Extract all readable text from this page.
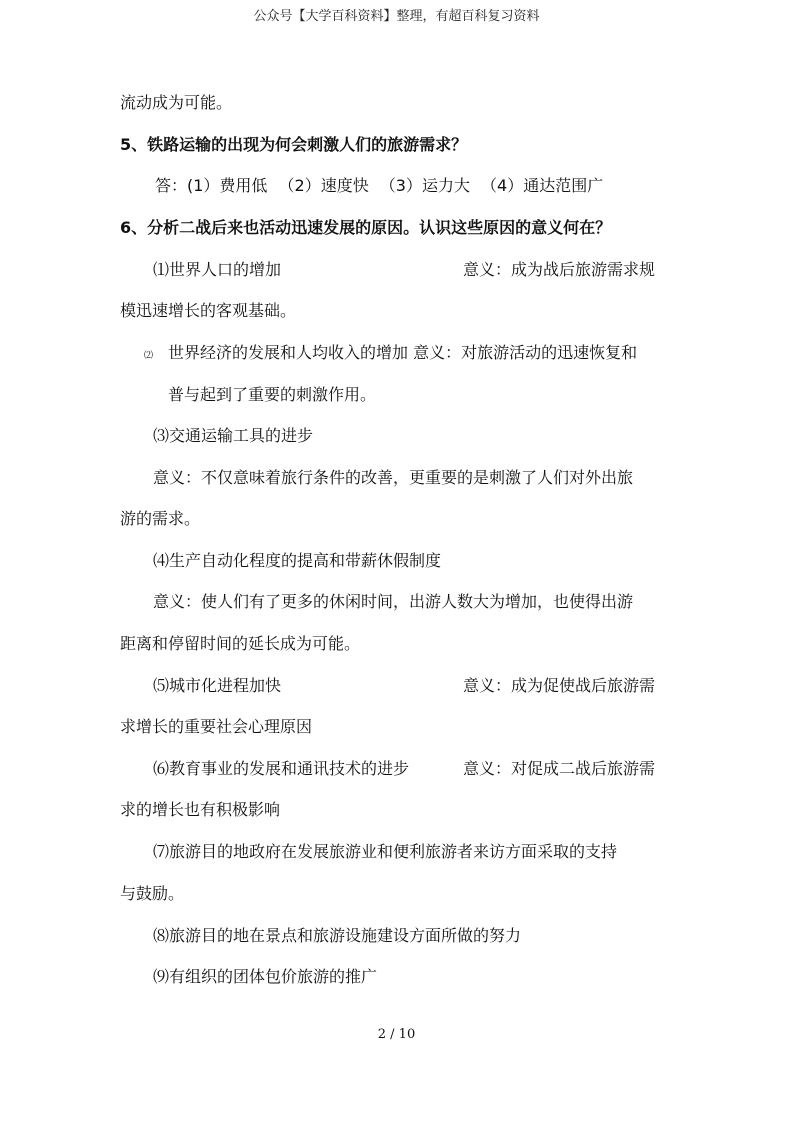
公众号【大学百科资料】整理，有超百科复习资料
流动成为可能。
5、铁路运输的出现为何会刺激人们的旅游需求？
答：(1）费用低 （2）速度快 （3）运力大 （4）通达范围广
6、分析二战后来也活动迅速发展的原因。认识这些原因的意义何在？
⑴世界人口的增加	意义：成为战后旅游需求规
模迅速增长的客观基础。
⑵ 世界经济的发展和人均收入的增加 意义：对旅游活动的迅速恢复和
普与起到了重要的刺激作用。
⑶交通运输工具的进步
意义：不仅意味着旅行条件的改善，更重要的是刺激了人们对外出旅
游的需求。
⑷生产自动化程度的提高和带薪休假制度
意义：使人们有了更多的休闲时间，出游人数大为增加，也使得出游
距离和停留时间的延长成为可能。
⑸城市化进程加快	意义：成为促使战后旅游需
求增长的重要社会心理原因
⑹教育事业的发展和通讯技术的进步	意义：对促成二战后旅游需
求的增长也有积极影响
⑺旅游目的地政府在发展旅游业和便利旅游者来访方面采取的支持
与鼓励。
⑻旅游目的地在景点和旅游设施建设方面所做的努力
⑼有组织的团体包价旅游的推广
2 / 10
